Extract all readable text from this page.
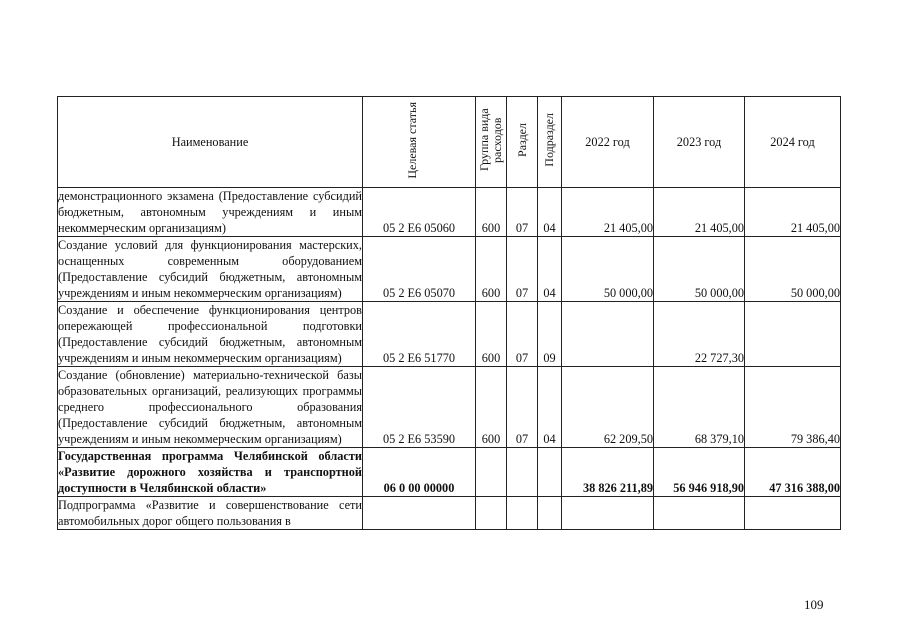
Наименование	Целевая статья	Группа вида расходов	Раздел	Подраздел	2022 год	2023 год	2024 год
демонстрационного экзамена (Предоставление субсидий бюджетным, автономным учреждениям и иным некоммерческим организациям)	05 2 Е6 05060	600	07	04	21 405,00	21 405,00	21 405,00
Создание условий для функционирования мастерских, оснащенных современным оборудованием (Предоставление субсидий бюджетным, автономным учреждениям и иным некоммерческим организациям)	05 2 Е6 05070	600	07	04	50 000,00	50 000,00	50 000,00
Создание и обеспечение функционирования центров опережающей профессиональной подготовки (Предоставление субсидий бюджетным, автономным учреждениям и иным некоммерческим организациям)	05 2 Е6 51770	600	07	09		22 727,30	
Создание (обновление) материально-технической базы образовательных организаций, реализующих программы среднего профессионального образования (Предоставление субсидий бюджетным, автономным учреждениям и иным некоммерческим организациям)	05 2 Е6 53590	600	07	04	62 209,50	68 379,10	79 386,40
Государственная программа Челябинской области «Развитие дорожного хозяйства и транспортной доступности в Челябинской области»	06 0 00 00000				38 826 211,89	56 946 918,90	47 316 388,00
Подпрограмма «Развитие и совершенствование сети автомобильных дорог общего пользования в							
109
